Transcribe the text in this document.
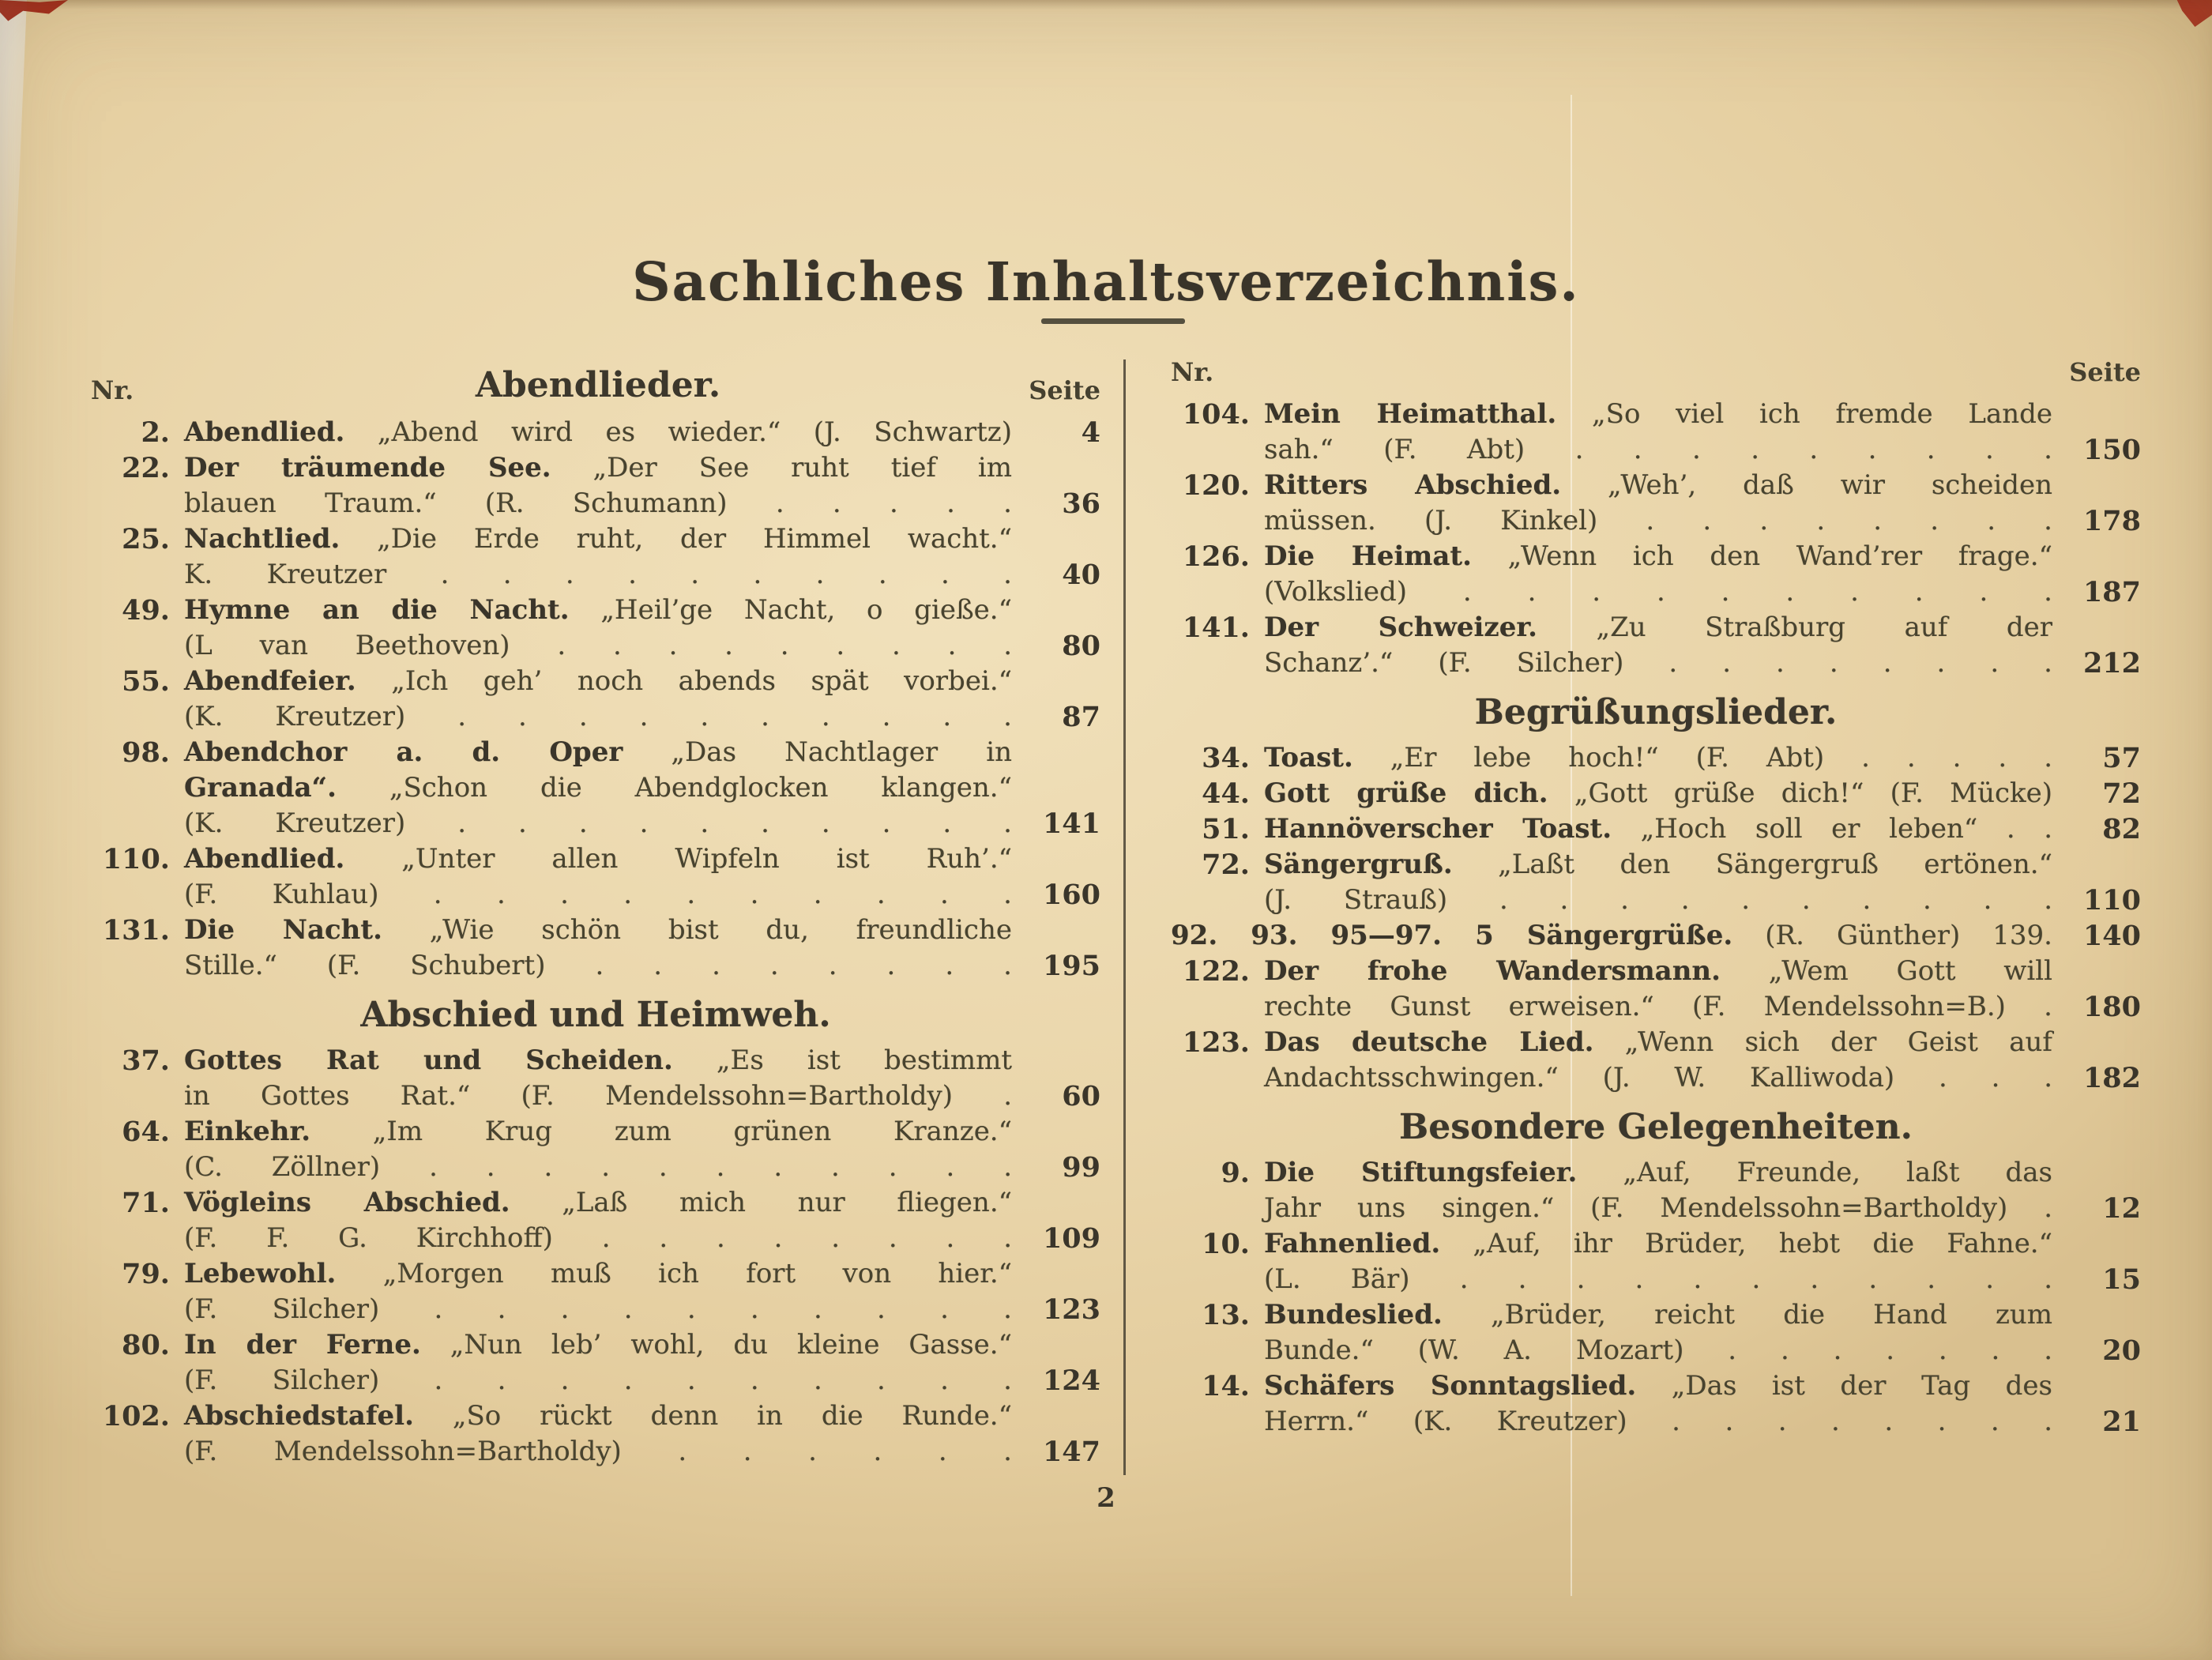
Sachliches Inhaltsverzeichnis.
Nr.	Abendlieder.	Seite
2. Abendlied. „Abend wird es wieder.“ (J. Schwartz)	4
22. Der träumende See. „Der See ruht tief im
blauen Traum.“ (R. Schumann) . . . . .	36
25. Nachtlied. „Die Erde ruht, der Himmel wacht.“
K. Kreutzer . . . . . . . . . .	40
49. Hymne an die Nacht. „Heil’ge Nacht, o gieße.“
(L van Beethoven) . . . . . . . . .	80
55. Abendfeier. „Ich geh’ noch abends spät vorbei.“
(K. Kreutzer) . . . . . . . . . .	87
98. Abendchor a. d. Oper „Das Nachtlager in
Granada“. „Schon die Abendglocken klangen.“
(K. Kreutzer) . . . . . . . . . .	141
110. Abendlied. „Unter allen Wipfeln ist Ruh’.“
(F. Kuhlau) . . . . . . . . . .	160
131. Die Nacht. „Wie schön bist du, freundliche
Stille.“ (F. Schubert) . . . . . . . .	195
Abschied und Heimweh.
37. Gottes Rat und Scheiden. „Es ist bestimmt
in Gottes Rat.“ (F. Mendelssohn=Bartholdy) .	60
64. Einkehr. „Im Krug zum grünen Kranze.“
(C. Zöllner) . . . . . . . . . . .	99
71. Vögleins Abschied. „Laß mich nur fliegen.“
(F. F. G. Kirchhoff) . . . . . . . .	109
79. Lebewohl. „Morgen muß ich fort von hier.“
(F. Silcher) . . . . . . . . . .	123
80. In der Ferne. „Nun leb’ wohl, du kleine Gasse.“
(F. Silcher) . . . . . . . . . .	124
102. Abschiedstafel. „So rückt denn in die Runde.“
(F. Mendelssohn=Bartholdy) . . . . . .	147
Nr.	Seite
104. Mein Heimatthal. „So viel ich fremde Lande
sah.“ (F. Abt) . . . . . . . . .	150
120. Ritters Abschied. „Weh’, daß wir scheiden
müssen. (J. Kinkel) . . . . . . . .	178
126. Die Heimat. „Wenn ich den Wand’rer frage.“
(Volkslied) . . . . . . . . . .	187
141. Der Schweizer. „Zu Straßburg auf der
Schanz’.“ (F. Silcher) . . . . . . . .	212
Begrüßungslieder.
34. Toast. „Er lebe hoch!“ (F. Abt) . . . . .	57
44. Gott grüße dich. „Gott grüße dich!“ (F. Mücke)	72
51. Hannöverscher Toast. „Hoch soll er leben“ . .	82
72. Sängergruß. „Laßt den Sängergruß ertönen.“
(J. Strauß) . . . . . . . . . .	110
92. 93. 95—97. 5 Sängergrüße. (R. Günther) 139.	140
122. Der frohe Wandersmann. „Wem Gott will
rechte Gunst erweisen.“ (F. Mendelssohn=B.) .	180
123. Das deutsche Lied. „Wenn sich der Geist auf
Andachtsschwingen.“ (J. W. Kalliwoda) . . .	182
Besondere Gelegenheiten.
9. Die Stiftungsfeier. „Auf, Freunde, laßt das
Jahr uns singen.“ (F. Mendelssohn=Bartholdy) .	12
10. Fahnenlied. „Auf, ihr Brüder, hebt die Fahne.“
(L. Bär) . . . . . . . . . . .	15
13. Bundeslied. „Brüder, reicht die Hand zum
Bunde.“ (W. A. Mozart) . . . . . . .	20
14. Schäfers Sonntagslied. „Das ist der Tag des
Herrn.“ (K. Kreutzer) . . . . . . . .	21
2
